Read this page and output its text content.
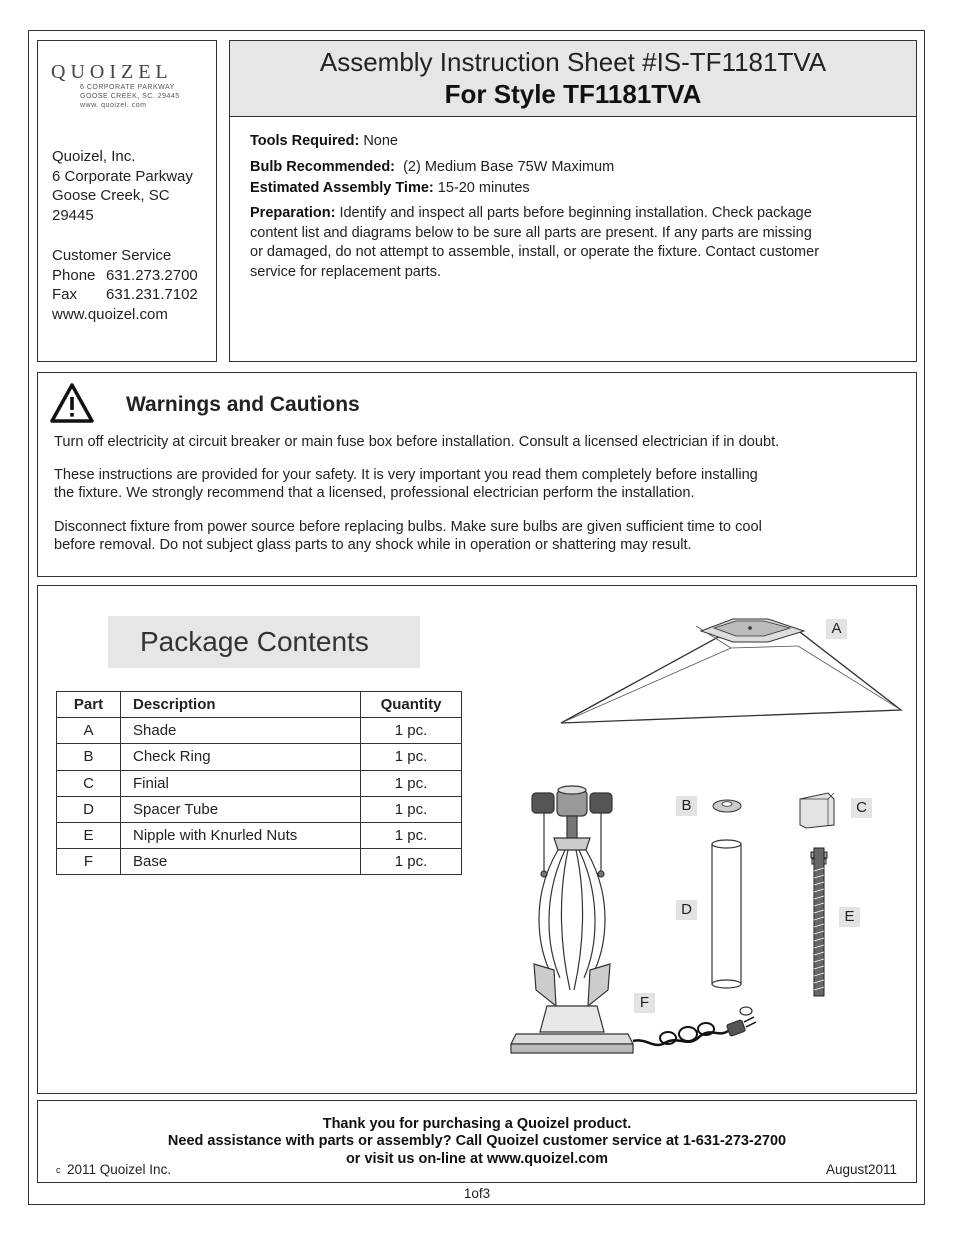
QUOIZEL
6 CORPORATE PARKWAY
GOOSE CREEK, SC. 29445
www. quoizel. com
Quoizel, Inc.
6 Corporate Parkway
Goose Creek, SC
29445
Customer Service
Phone 631.273.2700
Fax 631.231.7102
www.quoizel.com
Assembly Instruction Sheet #IS-TF1181TVA
For Style TF1181TVA
Tools Required: None
Bulb Recommended: (2) Medium Base 75W Maximum
Estimated Assembly Time: 15-20 minutes
Preparation: Identify and inspect all parts before beginning installation. Check package
content list and diagrams below to be sure all parts are present. If any parts are missing
or damaged, do not attempt to assemble, install, or operate the fixture. Contact customer
service for replacement parts.
Warnings and Cautions
Turn off electricity at circuit breaker or main fuse box before installation. Consult a licensed electrician if in doubt.
These instructions are provided for your safety. It is very important you read them completely before installing
the fixture. We strongly recommend that a licensed, professional electrician perform the installation.
Disconnect fixture from power source before replacing bulbs. Make sure bulbs are given sufficient time to cool
before removal. Do not subject glass parts to any shock while in operation or shattering may result.
Package Contents
Part	Description	Quantity
A	Shade	1 pc.
B	Check Ring	1 pc.
C	Finial	1 pc.
D	Spacer Tube	1 pc.
E	Nipple with Knurled Nuts	1 pc.
F	Base	1 pc.
A
B	C
D	E
F
Thank you for purchasing a Quoizel product.
Need assistance with parts or assembly? Call Quoizel customer service at 1-631-273-2700
or visit us on-line at www.quoizel.com
c 2011 Quoizel Inc.	August2011
1of3
